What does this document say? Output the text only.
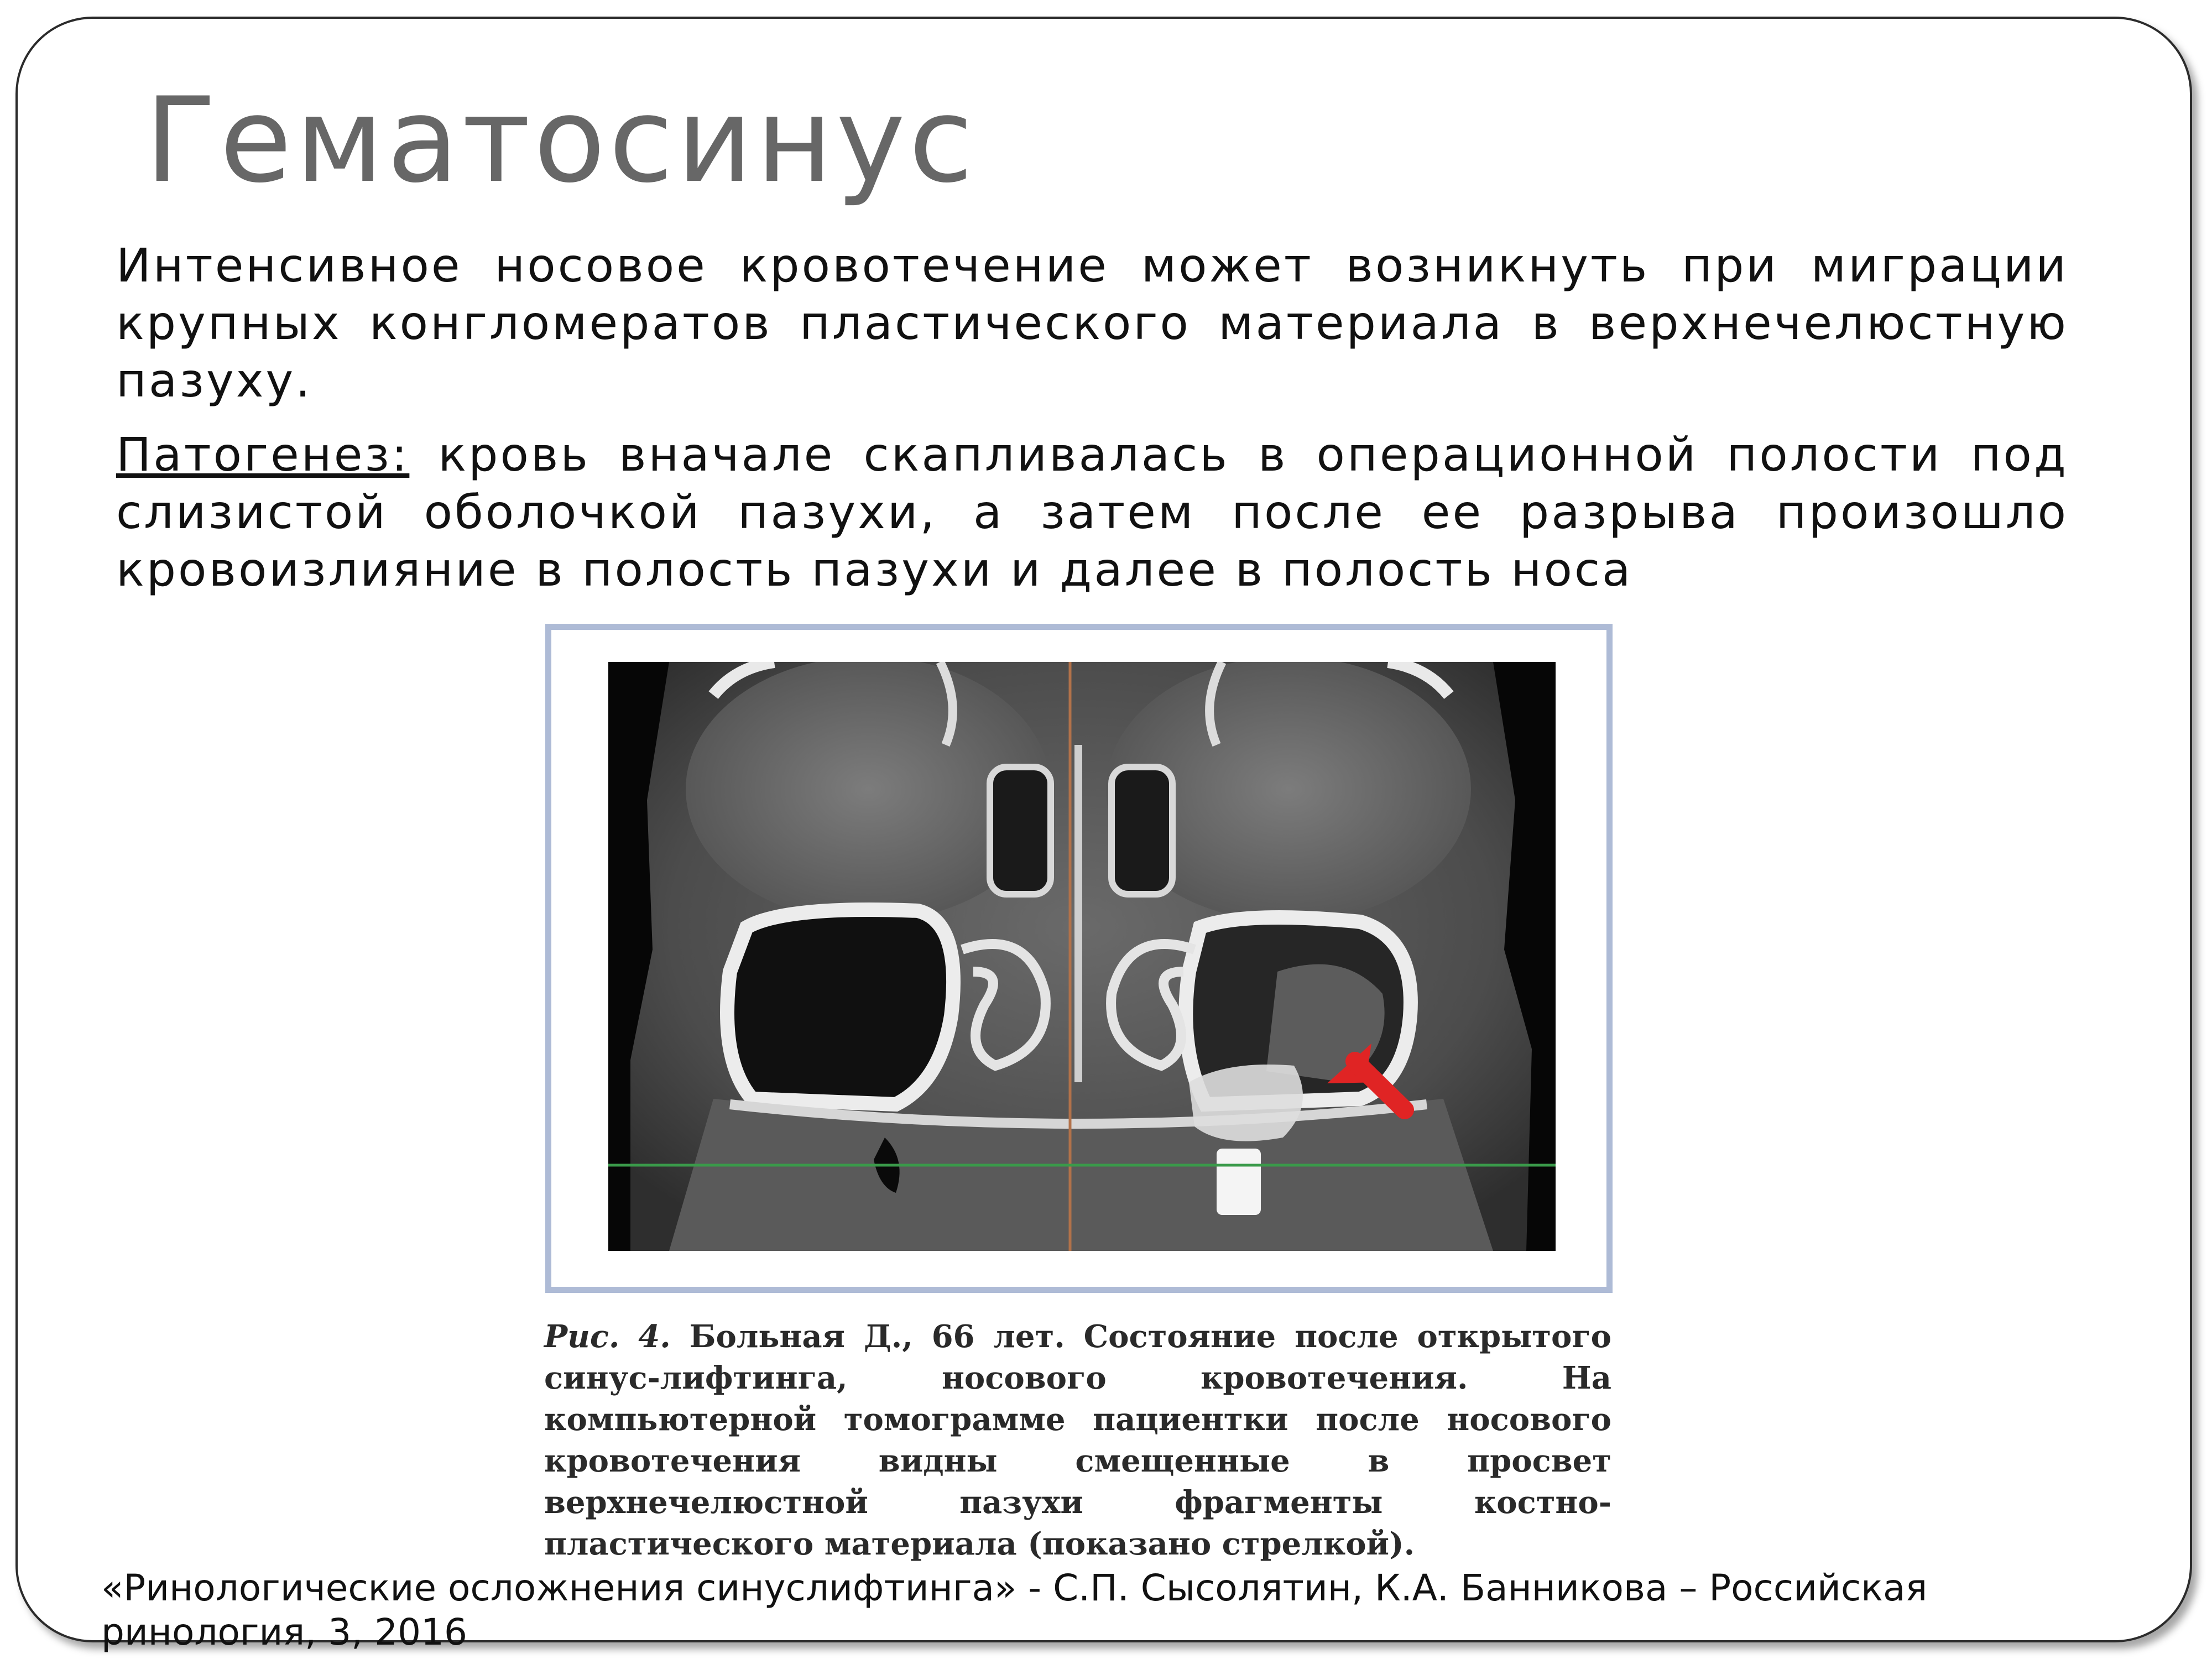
Гематосинус
Интенсивное носовое кровотечение может возникнуть при миграции крупных конгломератов пластического материала в верхнечелюстную пазуху.
Патогенез: кровь вначале скапливалась в операционной полости под слизистой оболочкой пазухи, а затем после ее разрыва произошло кровоизлияние в полость пазухи и далее в полость носа
Рис. 4. Больная Д., 66 лет. Состояние после открытого синус-лифтинга, носового кровотечения. На компьютерной томограмме пациентки после носового кровотечения видны смещенные в просвет верхнечелюстной пазухи фрагменты костно-пластического материала (показано стрелкой).
«Ринологические осложнения синуслифтинга» - С.П. Сысолятин, К.А. Банникова – Российская ринология, 3, 2016
